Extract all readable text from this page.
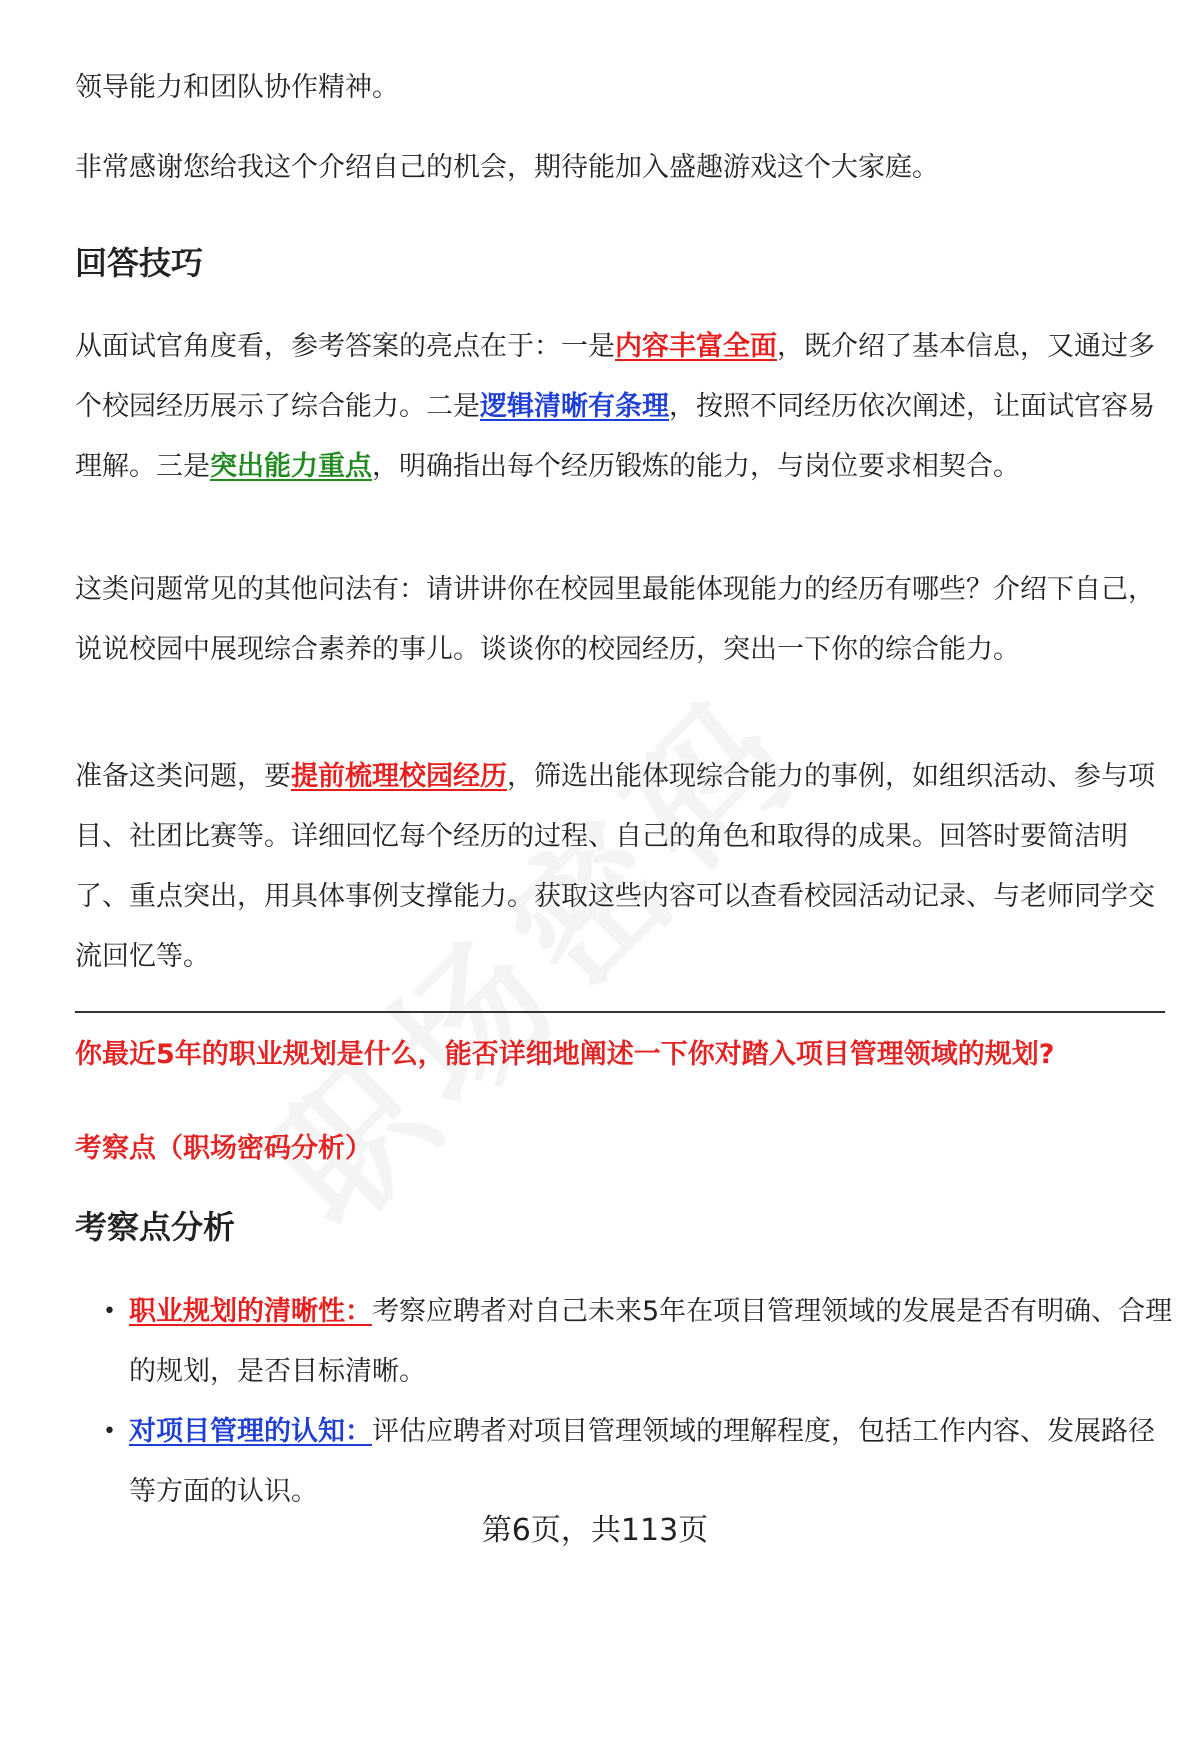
领导能力和团队协作精神。

非常感谢您给我这个介绍自己的机会，期待能加入盛趣游戏这个大家庭。

回答技巧

从面试官角度看，参考答案的亮点在于：一是内容丰富全面，既介绍了基本信息，又通过多个校园经历展示了综合能力。二是逻辑清晰有条理，按照不同经历依次阐述，让面试官容易理解。三是突出能力重点，明确指出每个经历锻炼的能力，与岗位要求相契合。

这类问题常见的其他问法有：请讲讲你在校园里最能体现能力的经历有哪些？介绍下自己，说说校园中展现综合素养的事儿。谈谈你的校园经历，突出一下你的综合能力。

准备这类问题，要提前梳理校园经历，筛选出能体现综合能力的事例，如组织活动、参与项目、社团比赛等。详细回忆每个经历的过程、自己的角色和取得的成果。回答时要简洁明了、重点突出，用具体事例支撑能力。获取这些内容可以查看校园活动记录、与老师同学交流回忆等。

你最近5年的职业规划是什么，能否详细地阐述一下你对踏入项目管理领域的规划?

考察点（职场密码分析）

考察点分析
• 职业规划的清晰性：考察应聘者对自己未来5年在项目管理领域的发展是否有明确、合理的规划，是否目标清晰。
• 对项目管理的认知：评估应聘者对项目管理领域的理解程度，包括工作内容、发展路径等方面的认识。
第6页，共113页
